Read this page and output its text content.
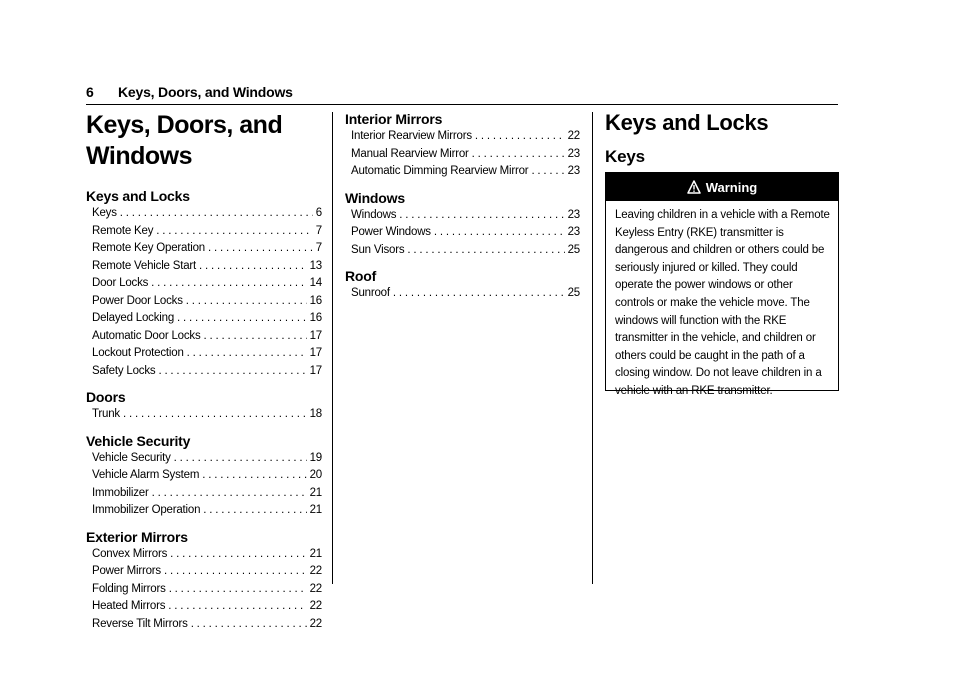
6 Keys, Doors, and Windows
Keys, Doors, and
Windows
Keys and Locks
Keys . . .	6
Remote Key . . .	7
Remote Key Operation . . .	7
Remote Vehicle Start . . .	13
Door Locks . . .	14
Power Door Locks . . .	16
Delayed Locking . . .	16
Automatic Door Locks . . .	17
Lockout Protection . . .	17
Safety Locks . . .	17
Doors
Trunk . . .	18
Vehicle Security
Vehicle Security . . .	19
Vehicle Alarm System . . .	20
Immobilizer . . .	21
Immobilizer Operation . . .	21
Exterior Mirrors
Convex Mirrors . . .	21
Power Mirrors . . .	22
Folding Mirrors . . .	22
Heated Mirrors . . .	22
Reverse Tilt Mirrors . . .	22
Interior Mirrors
Interior Rearview Mirrors . . .	22
Manual Rearview Mirror . . .	23
Automatic Dimming Rearview Mirror . . .	23
Windows
Windows . . .	23
Power Windows . . .	23
Sun Visors . . .	25
Roof
Sunroof . . .	25
Keys and Locks
Keys
Warning
Leaving children in a vehicle with a Remote Keyless Entry (RKE) transmitter is dangerous and children or others could be seriously injured or killed. They could operate the power windows or other controls or make the vehicle move. The windows will function with the RKE transmitter in the vehicle, and children or others could be caught in the path of a closing window. Do not leave children in a vehicle with an RKE transmitter.
